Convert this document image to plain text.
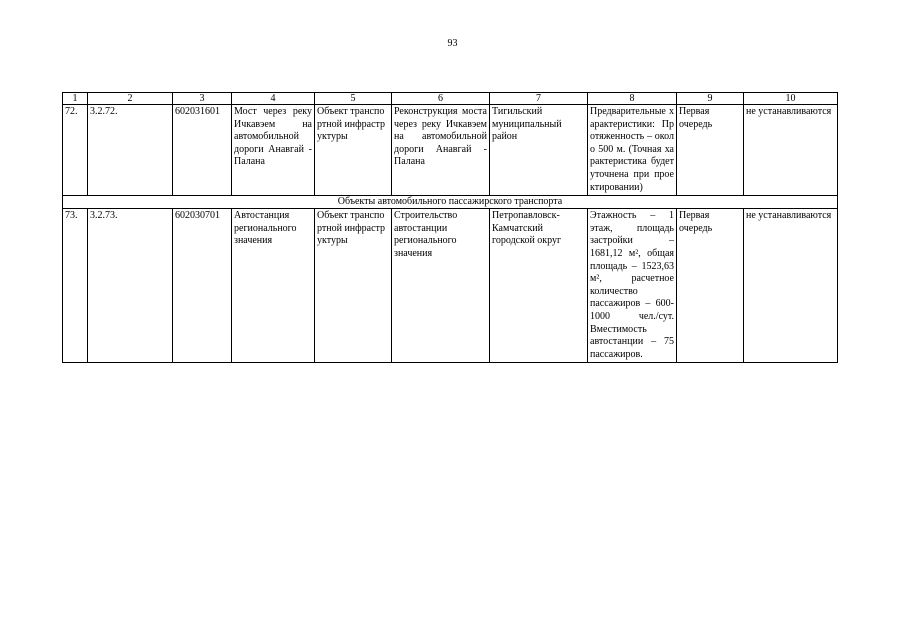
93
1	2	3	4	5	6	7	8	9	10
72.	3.2.72.	602031601	Мост через реку Ичкавэем на автомобильной дороги Анавгай - Палана	Объект транспортной инфраструктуры	Реконструкция моста через реку Ичкавэем на автомобильной дороги Анавгай - Палана	Тигильский муниципальный район	Предварительные характеристики: Протяженность – около 500 м. (Точная характеристика будет уточнена при проектировании)	Первая очередь	не устанавливаются
Объекты автомобильного пассажирского транспорта									
73.	3.2.73.	602030701	Автостанция регионального значения	Объект транспортной инфраструктуры	Строительство автостанции регионального значения	Петропавловск-Камчатский городской округ	Этажность – 1 этаж, площадь застройки – 1681,12 м², общая площадь – 1523,63 м², расчетное количество пассажиров – 600-1000 чел./сут. Вместимость автостанции – 75 пассажиров.	Первая очередь	не устанавливаются
